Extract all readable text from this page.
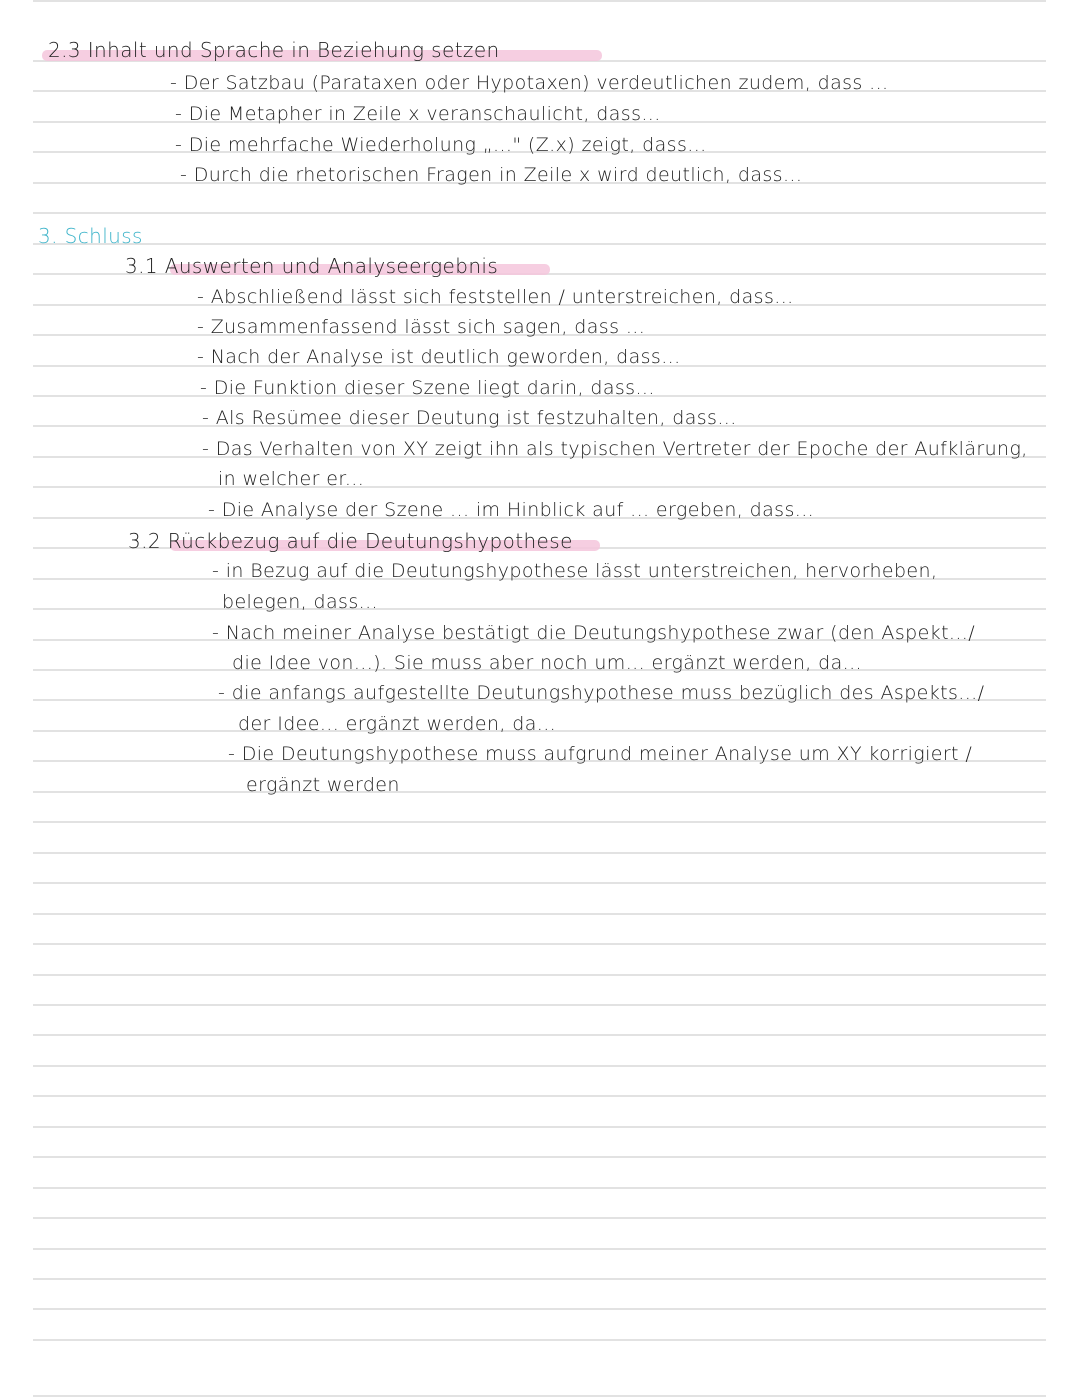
2.3 Inhalt und Sprache in Beziehung setzen
- Der Satzbau (Parataxen oder Hypotaxen) verdeutlichen zudem, dass ...
- Die Metapher in Zeile x veranschaulicht, dass...
- Die mehrfache Wiederholung „..." (Z.x) zeigt, dass...
- Durch die rhetorischen Fragen in Zeile x wird deutlich, dass...
3. Schluss
3.1 Auswerten und Analyseergebnis
- Abschließend lässt sich feststellen / unterstreichen, dass...
- Zusammenfassend lässt sich sagen, dass ...
- Nach der Analyse ist deutlich geworden, dass...
- Die Funktion dieser Szene liegt darin, dass...
- Als Resümee dieser Deutung ist festzuhalten, dass...
- Das Verhalten von XY zeigt ihn als typischen Vertreter der Epoche der Aufklärung,
in welcher er...
- Die Analyse der Szene ... im Hinblick auf ... ergeben, dass...
3.2 Rückbezug auf die Deutungshypothese
- in Bezug auf die Deutungshypothese lässt unterstreichen, hervorheben,
belegen, dass...
- Nach meiner Analyse bestätigt die Deutungshypothese zwar (den Aspekt.../
die Idee von...). Sie muss aber noch um... ergänzt werden, da...
- die anfangs aufgestellte Deutungshypothese muss bezüglich des Aspekts.../
der Idee... ergänzt werden, da...
- Die Deutungshypothese muss aufgrund meiner Analyse um XY korrigiert /
ergänzt werden
